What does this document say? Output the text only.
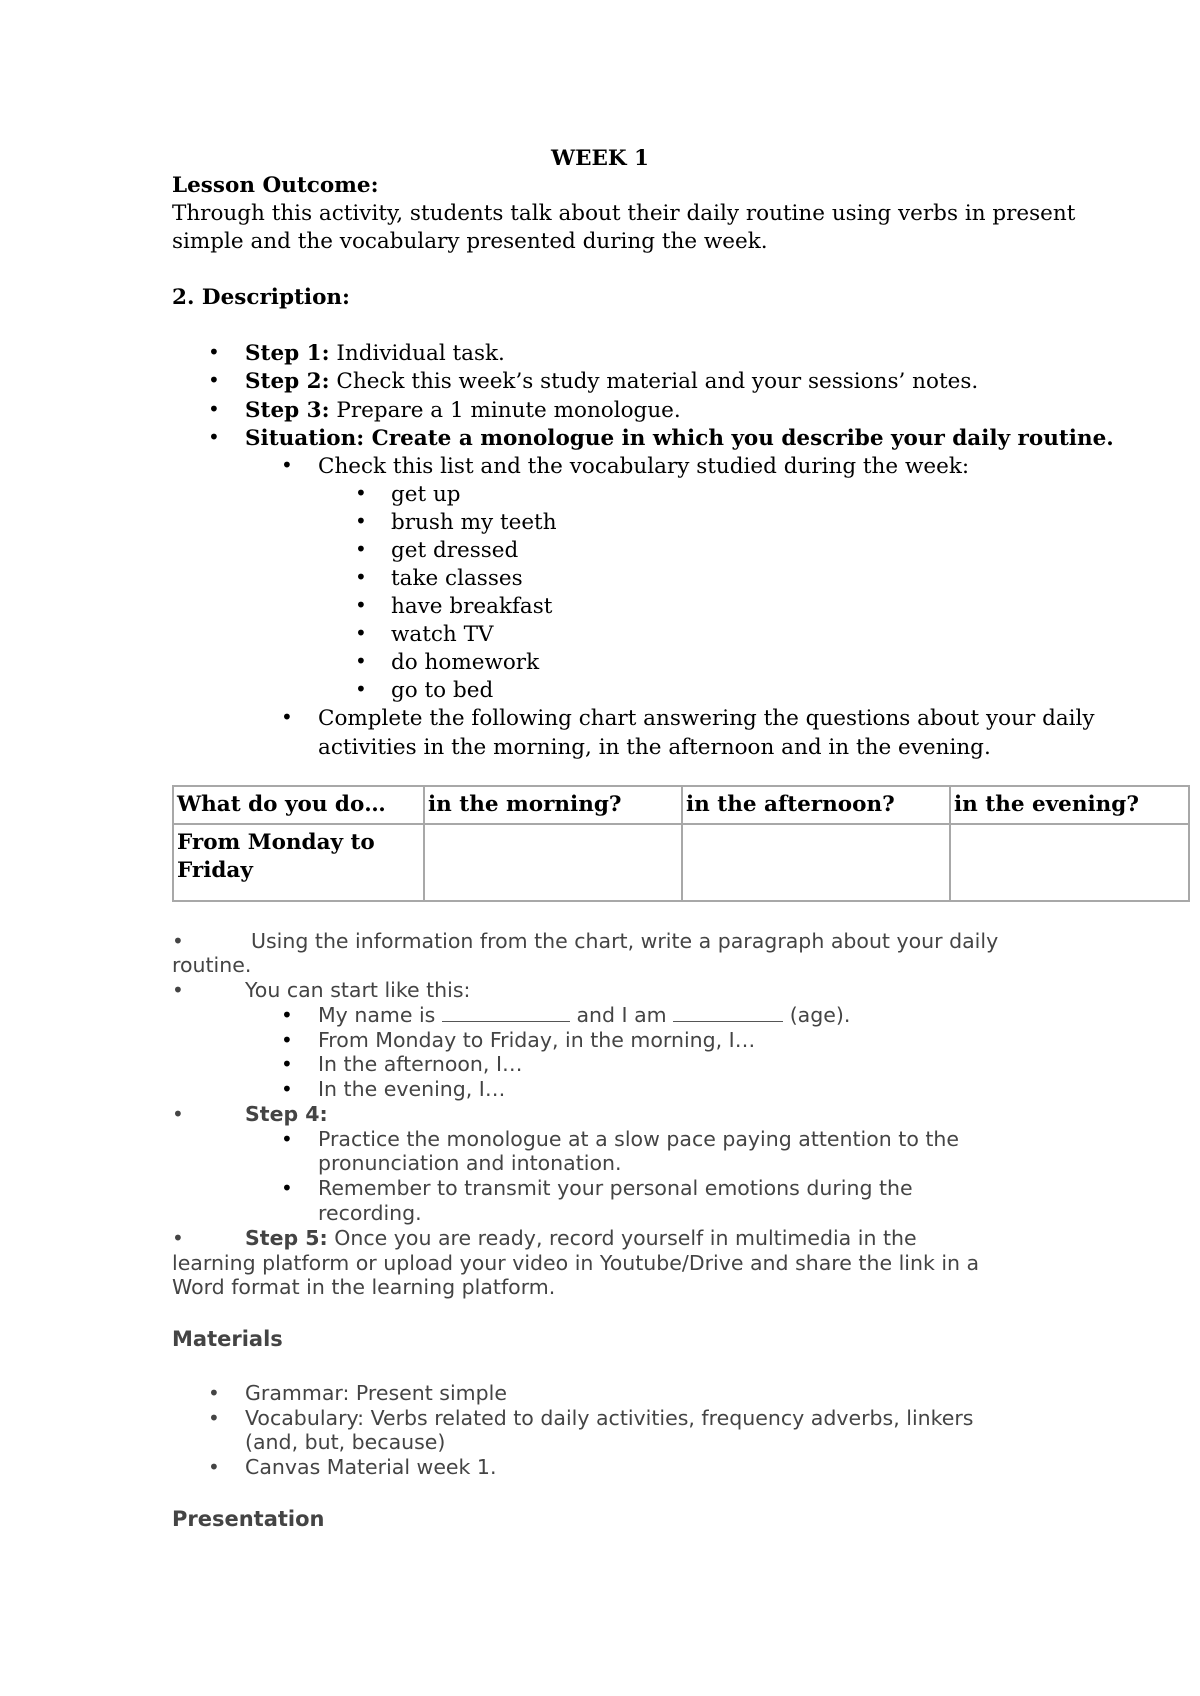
WEEK 1
Lesson Outcome:
Through this activity, students talk about their daily routine using verbs in present
simple and the vocabulary presented during the week.
2. Description:
• Step 1: Individual task.
• Step 2: Check this week’s study material and your sessions’ notes.
• Step 3: Prepare a 1 minute monologue.
• Situation: Create a monologue in which you describe your daily routine.
• Check this list and the vocabulary studied during the week:
• get up
• brush my teeth
• get dressed
• take classes
• have breakfast
• watch TV
• do homework
• go to bed
• Complete the following chart answering the questions about your daily
activities in the morning, in the afternoon and in the evening.
What do you do…	in the morning?	in the afternoon?	in the evening?
From Monday to Friday			
•	Using the information from the chart, write a paragraph about your daily
routine.
•	You can start like this:
• My name is	and I am	(age).
• From Monday to Friday, in the morning, I…
• In the afternoon, I…
• In the evening, I…
•	Step 4:
• Practice the monologue at a slow pace paying attention to the
pronunciation and intonation.
• Remember to transmit your personal emotions during the
recording.
•	Step 5: Once you are ready, record yourself in multimedia in the
learning platform or upload your video in Youtube/Drive and share the link in a
Word format in the learning platform.
Materials
• Grammar: Present simple
• Vocabulary: Verbs related to daily activities, frequency adverbs, linkers
(and, but, because)
• Canvas Material week 1.
Presentation
